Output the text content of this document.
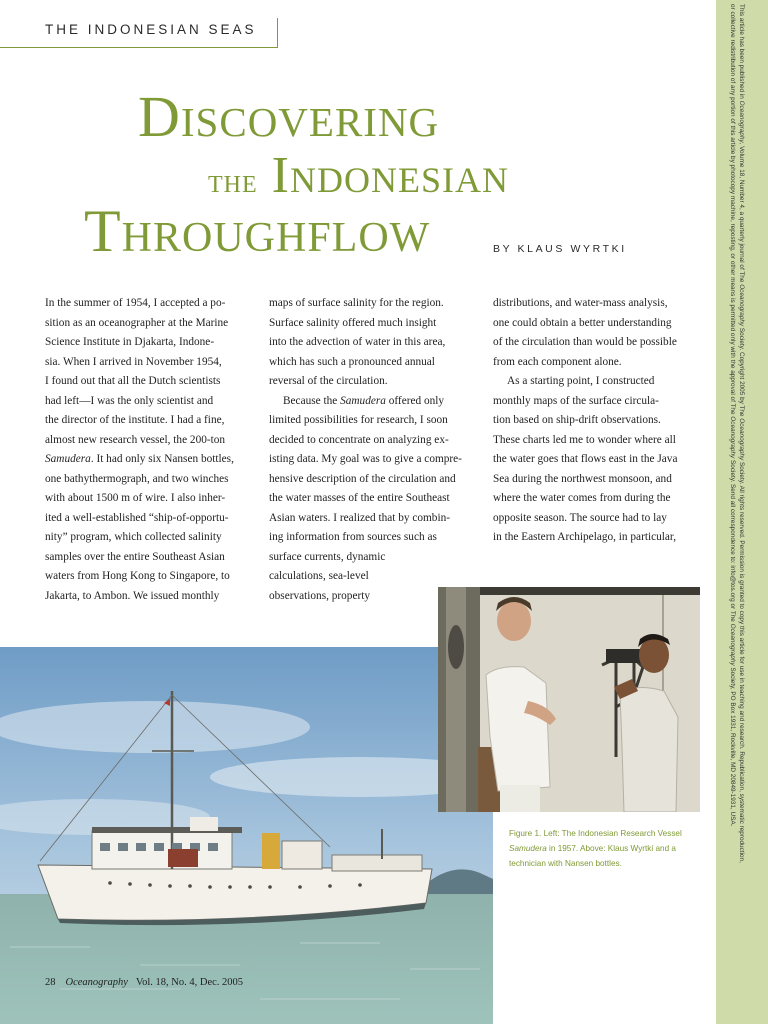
THE INDONESIAN SEAS
Discovering
the Indonesian
Throughflow	BY KLAUS WYRTKI
In the summer of 1954, I accepted a po-
sition as an oceanographer at the Marine
Science Institute in Djakarta, Indone-
sia. When I arrived in November 1954,
I found out that all the Dutch scientists
had left—I was the only scientist and
the director of the institute. I had a fine,
almost new research vessel, the 200-ton
Samudera. It had only six Nansen bottles,
one bathythermograph, and two winches
with about 1500 m of wire. I also inher-
ited a well-established “ship-of-opportu-
nity” program, which collected salinity
samples over the entire Southeast Asian
waters from Hong Kong to Singapore, to
Jakarta, to Ambon. We issued monthly
maps of surface salinity for the region.
Surface salinity offered much insight
into the advection of water in this area,
which has such a pronounced annual
reversal of the circulation.
Because the Samudera offered only
limited possibilities for research, I soon
decided to concentrate on analyzing ex-
isting data. My goal was to give a compre-
hensive description of the circulation and
the water masses of the entire Southeast
Asian waters. I realized that by combin-
ing information from sources such as
surface currents, dynamic
calculations, sea-level
observations, property
distributions, and water-mass analysis,
one could obtain a better understanding
of the circulation than would be possible
from each component alone.
As a starting point, I constructed
monthly maps of the surface circula-
tion based on ship-drift observations.
These charts led me to wonder where all
the water goes that flows east in the Java
Sea during the northwest monsoon, and
where the water comes from during the
opposite season. The source had to lay
in the Eastern Archipelago, in particular,
Figure 1. Left: The Indonesian Research Vessel
Samudera in 1957. Above: Klaus Wyrtki and a
technician with Nansen bottles.
28 Oceanography Vol. 18, No. 4, Dec. 2005
This article has been published in Oceanography, Volume 18, Number 4, a quarterly journal of The Oceanography Society. Copyright 2005 by The Oceanography Society. All rights reserved. Permission is granted to copy this article for use in teaching and research. Republication, systematic reproduction,
or collective redistribution of any portion of this article by photocopy machine, reposting, or other means is permitted only with the approval of The Oceanography Society. Send all correspondence to: info@tos.org or The Oceanography Society, PO Box 1931, Rockville, MD 20849-1931, USA.
